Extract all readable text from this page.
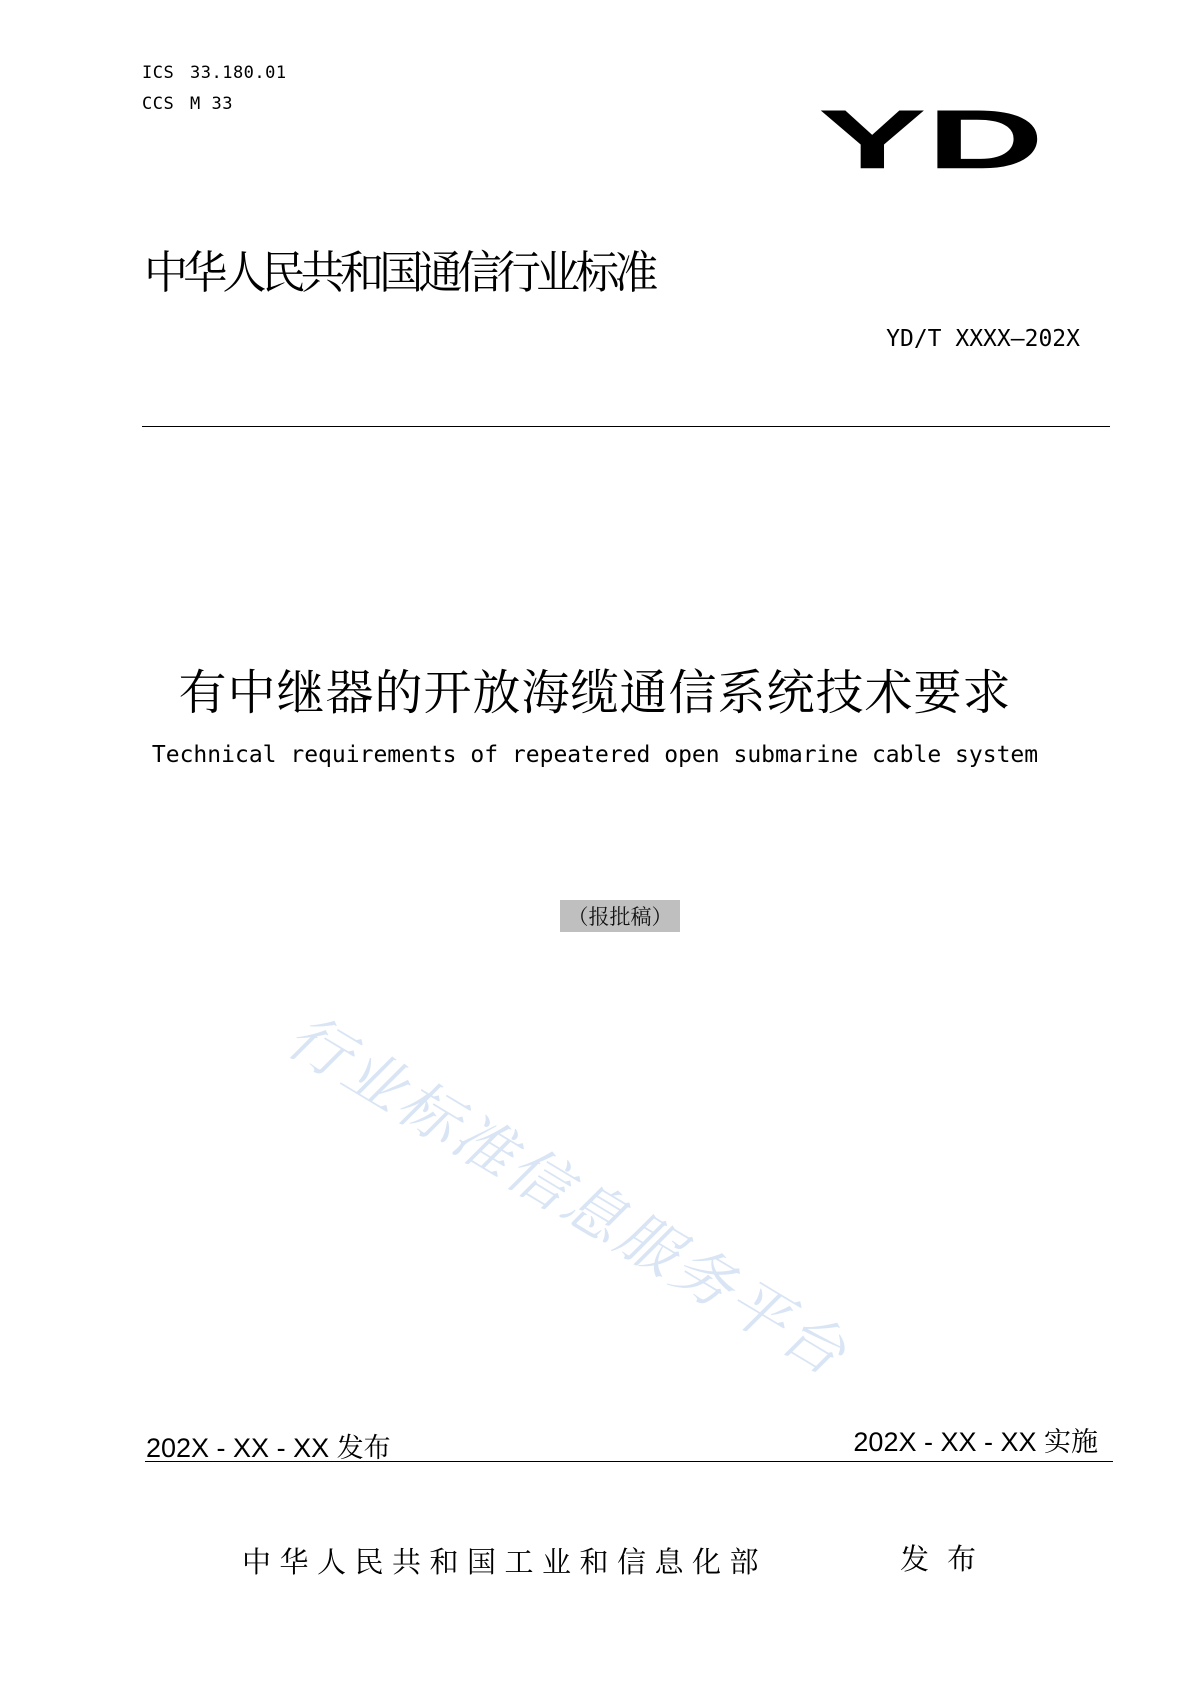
ICS 33.180.01
CCS M 33	YD
中华人民共和国通信行业标准
YD/T XXXX—202X
有中继器的开放海缆通信系统技术要求
Technical requirements of repeatered open submarine cable system
（报批稿）
行业标准信息服务平台
202X - XX - XX 发布	202X - XX - XX 实施
中华人民共和国工业和信息化部	发布
